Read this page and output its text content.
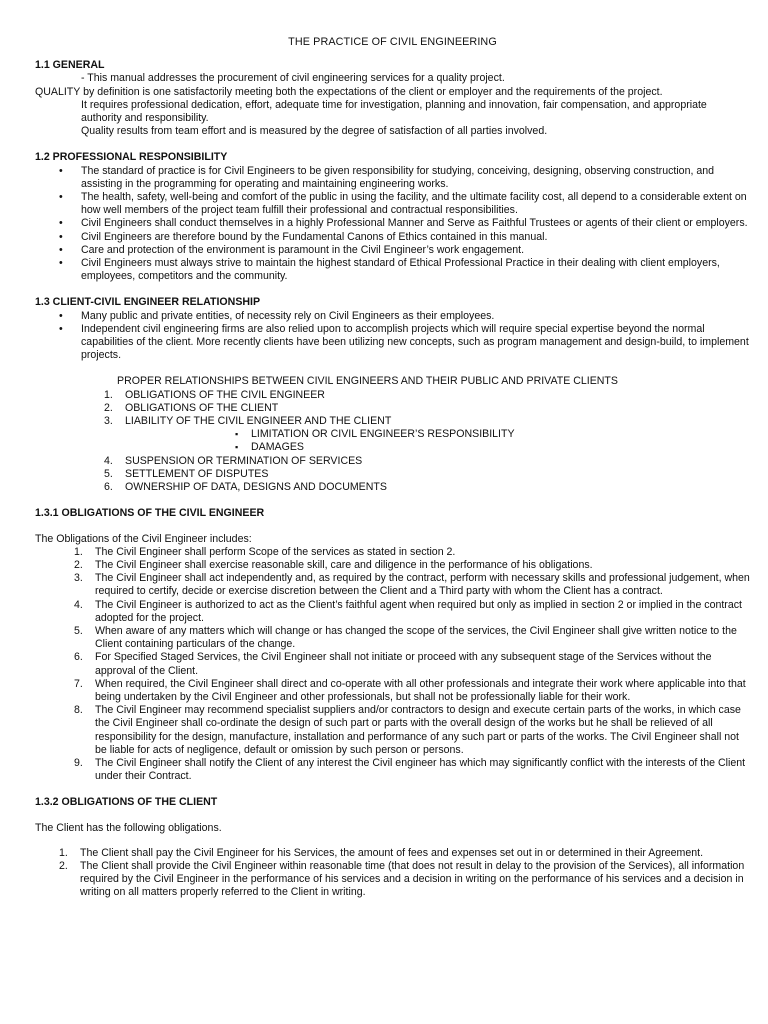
THE PRACTICE OF CIVIL ENGINEERING

1.1 GENERAL

- This manual addresses the procurement of civil engineering services for a quality project.

QUALITY by definition is one satisfactorily meeting both the expectations of the client or employer and the requirements of the project.

It requires professional dedication, effort, adequate time for investigation, planning and innovation, fair compensation, and appropriate authority and responsibility.

Quality results from team effort and is measured by the degree of satisfaction of all parties involved.

1.2 PROFESSIONAL RESPONSIBILITY

• The standard of practice is for Civil Engineers to be given responsibility for studying, conceiving, designing, observing construction, and assisting in the programming for operating and maintaining engineering works.
• The health, safety, well-being and comfort of the public in using the facility, and the ultimate facility cost, all depend to a considerable extent on how well members of the project team fulfill their professional and contractual responsibilities.
• Civil Engineers shall conduct themselves in a highly Professional Manner and Serve as Faithful Trustees or agents of their client or employers.
• Civil Engineers are therefore bound by the Fundamental Canons of Ethics contained in this manual.
• Care and protection of the environment is paramount in the Civil Engineer’s work engagement.
• Civil Engineers must always strive to maintain the highest standard of Ethical Professional Practice in their dealing with client employers, employees, competitors and the community.

1.3 CLIENT-CIVIL ENGINEER RELATIONSHIP

• Many public and private entities, of necessity rely on Civil Engineers as their employees.
• Independent civil engineering firms are also relied upon to accomplish projects which will require special expertise beyond the normal capabilities of the client. More recently clients have been utilizing new concepts, such as program management and design-build, to implement projects.

PROPER RELATIONSHIPS BETWEEN CIVIL ENGINEERS AND THEIR PUBLIC AND PRIVATE CLIENTS

1. OBLIGATIONS OF THE CIVIL ENGINEER
2. OBLIGATIONS OF THE CLIENT
3. LIABILITY OF THE CIVIL ENGINEER AND THE CLIENT
▪ LIMITATION OR CIVIL ENGINEER’S RESPONSIBILITY
▪ DAMAGES
4. SUSPENSION OR TERMINATION OF SERVICES
5. SETTLEMENT OF DISPUTES
6. OWNERSHIP OF DATA, DESIGNS AND DOCUMENTS

1.3.1 OBLIGATIONS OF THE CIVIL ENGINEER

The Obligations of the Civil Engineer includes:

1. The Civil Engineer shall perform Scope of the services as stated in section 2.
2. The Civil Engineer shall exercise reasonable skill, care and diligence in the performance of his obligations.
3. The Civil Engineer shall act independently and, as required by the contract, perform with necessary skills and professional judgement, when required to certify, decide or exercise discretion between the Client and a Third party with whom the Client has a contract.
4. The Civil Engineer is authorized to act as the Client’s faithful agent when required but only as implied in section 2 or implied in the contract adopted for the project.
5. When aware of any matters which will change or has changed the scope of the services, the Civil Engineer shall give written notice to the Client containing particulars of the change.
6. For Specified Staged Services, the Civil Engineer shall not initiate or proceed with any subsequent stage of the Services without the approval of the Client.
7. When required, the Civil Engineer shall direct and co-operate with all other professionals and integrate their work where applicable into that being undertaken by the Civil Engineer and other professionals, but shall not be professionally liable for their work.
8. The Civil Engineer may recommend specialist suppliers and/or contractors to design and execute certain parts of the works, in which case the Civil Engineer shall co-ordinate the design of such part or parts with the overall design of the works but he shall be relieved of all responsibility for the design, manufacture, installation and performance of any such part or parts of the works. The Civil Engineer shall not be liable for acts of negligence, default or omission by such person or persons.
9. The Civil Engineer shall notify the Client of any interest the Civil engineer has which may significantly conflict with the interests of the Client under their Contract.

1.3.2 OBLIGATIONS OF THE CLIENT

The Client has the following obligations.

1. The Client shall pay the Civil Engineer for his Services, the amount of fees and expenses set out in or determined in their Agreement.
2. The Client shall provide the Civil Engineer within reasonable time (that does not result in delay to the provision of the Services), all information required by the Civil Engineer in the performance of his services and a decision in writing on the performance of his services and a decision in writing on all matters properly referred to the Client in writing.
